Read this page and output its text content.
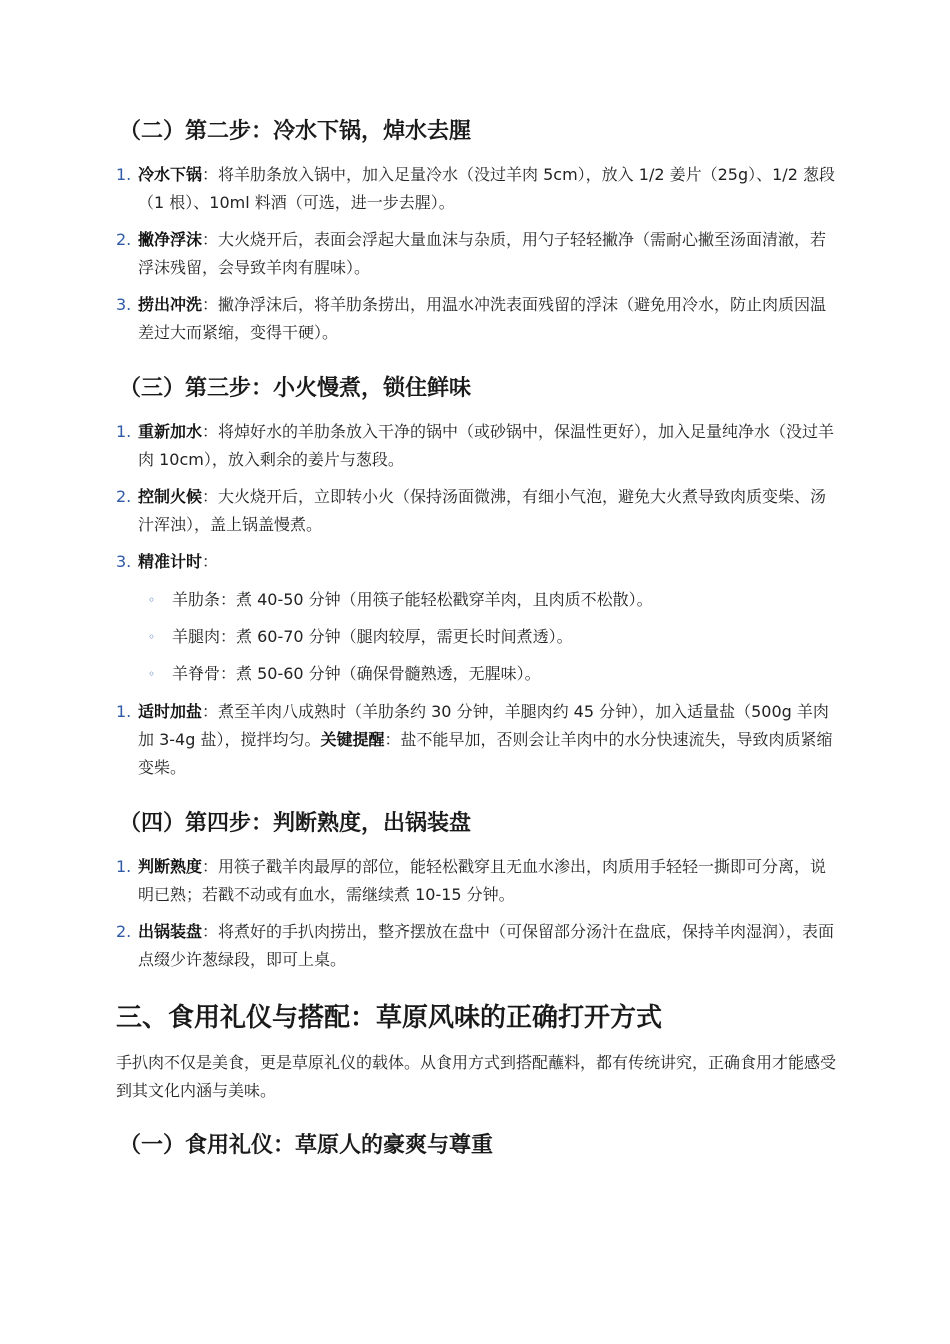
（二）第二步：冷水下锅，焯水去腥
1. 冷水下锅：将羊肋条放入锅中，加入足量冷水（没过羊肉 5cm），放入 1/2 姜片（25g）、1/2 葱段（1 根）、10ml 料酒（可选，进一步去腥）。
2. 撇净浮沫：大火烧开后，表面会浮起大量血沫与杂质，用勺子轻轻撇净（需耐心撇至汤面清澈，若浮沫残留，会导致羊肉有腥味）。
3. 捞出冲洗：撇净浮沫后，将羊肋条捞出，用温水冲洗表面残留的浮沫（避免用冷水，防止肉质因温差过大而紧缩，变得干硬）。
（三）第三步：小火慢煮，锁住鲜味
1. 重新加水：将焯好水的羊肋条放入干净的锅中（或砂锅中，保温性更好），加入足量纯净水（没过羊肉 10cm），放入剩余的姜片与葱段。
2. 控制火候：大火烧开后，立即转小火（保持汤面微沸，有细小气泡，避免大火煮导致肉质变柴、汤汁浑浊），盖上锅盖慢煮。
3. 精准计时：
◦ 羊肋条：煮 40-50 分钟（用筷子能轻松戳穿羊肉，且肉质不松散）。
◦ 羊腿肉：煮 60-70 分钟（腿肉较厚，需更长时间煮透）。
◦ 羊脊骨：煮 50-60 分钟（确保骨髓熟透，无腥味）。
1. 适时加盐：煮至羊肉八成熟时（羊肋条约 30 分钟，羊腿肉约 45 分钟），加入适量盐（500g 羊肉加 3-4g 盐），搅拌均匀。关键提醒：盐不能早加，否则会让羊肉中的水分快速流失，导致肉质紧缩变柴。
（四）第四步：判断熟度，出锅装盘
1. 判断熟度：用筷子戳羊肉最厚的部位，能轻松戳穿且无血水渗出，肉质用手轻轻一撕即可分离，说明已熟；若戳不动或有血水，需继续煮 10-15 分钟。
2. 出锅装盘：将煮好的手扒肉捞出，整齐摆放在盘中（可保留部分汤汁在盘底，保持羊肉湿润），表面点缀少许葱绿段，即可上桌。
三、食用礼仪与搭配：草原风味的正确打开方式

手扒肉不仅是美食，更是草原礼仪的载体。从食用方式到搭配蘸料，都有传统讲究，正确食用才能感受到其文化内涵与美味。

（一）食用礼仪：草原人的豪爽与尊重
